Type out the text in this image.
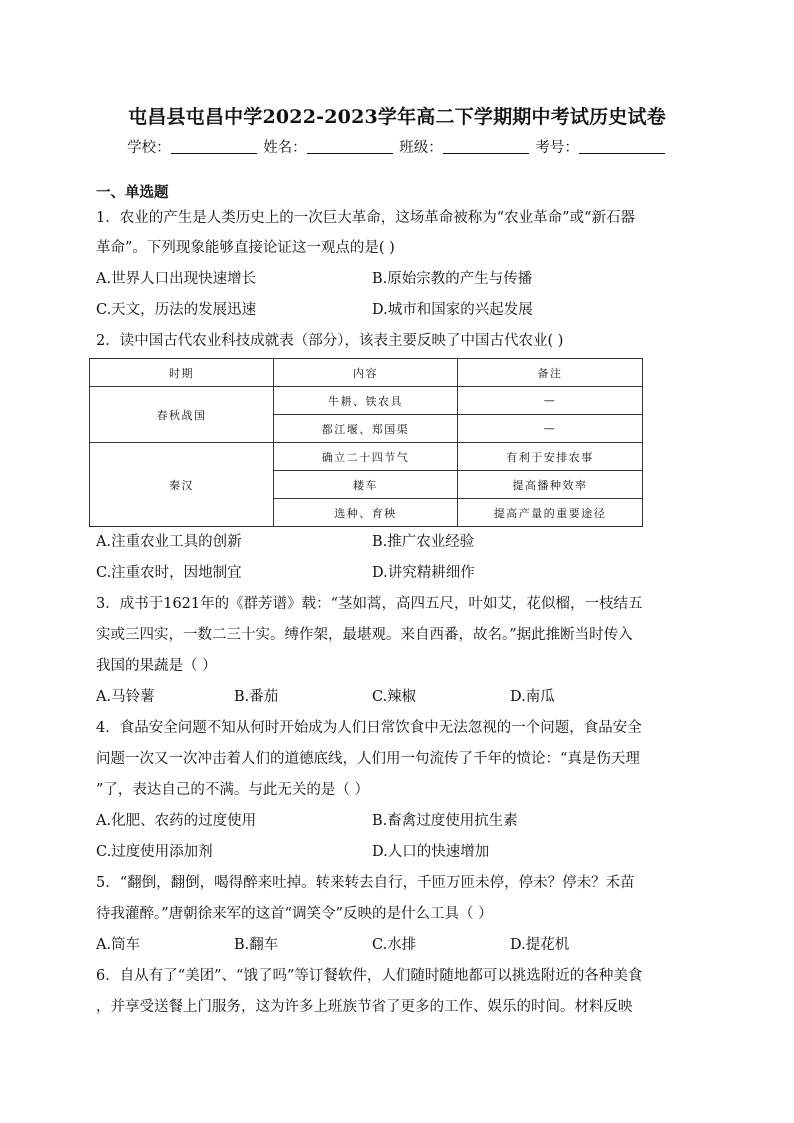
屯昌县屯昌中学2022-2023学年高二下学期期中考试历史试卷
学校：	姓名：	班级：	考号：
一、单选题
1．农业的产生是人类历史上的一次巨大革命，这场革命被称为“农业革命”或“新石器
革命”。下列现象能够直接论证这一观点的是( )
A.世界人口出现快速增长	B.原始宗教的产生与传播
C.天文，历法的发展迅速	D.城市和国家的兴起发展
2．读中国古代农业科技成就表（部分），该表主要反映了中国古代农业( )
时期	内容	备注
春秋战国	牛耕、铁农具	—
	都江堰、郑国渠	—
秦汉	确立二十四节气	有利于安排农事
	耧车	提高播种效率
	选种、育秧	提高产量的重要途径
A.注重农业工具的创新	B.推广农业经验
C.注重农时，因地制宜	D.讲究精耕细作
3．成书于1621年的《群芳谱》载：“茎如蒿，高四五尺，叶如艾，花似榴，一枝结五
实或三四实，一数二三十实。缚作架，最堪观。来自西番，故名。”据此推断当时传入
我国的果蔬是（ ）
A.马铃薯	B.番茄	C.辣椒	D.南瓜
4．食品安全问题不知从何时开始成为人们日常饮食中无法忽视的一个问题，食品安全
问题一次又一次冲击着人们的道德底线，人们用一句流传了千年的愤论：“真是伤天理
”了，表达自己的不满。与此无关的是（ ）
A.化肥、农药的过度使用	B.畜禽过度使用抗生素
C.过度使用添加剂	D.人口的快速增加
5．“翻倒，翻倒，喝得醉来吐掉。转来转去自行，千匝万匝未停，停未？停未？禾苗
待我灌醉。”唐朝徐来军的这首“调笑令”反映的是什么工具（ ）
A.筒车	B.翻车	C.水排	D.提花机
6．自从有了“美团”、“饿了吗”等订餐软件，人们随时随地都可以挑选附近的各种美食
，并享受送餐上门服务，这为许多上班族节省了更多的工作、娱乐的时间。材料反映
